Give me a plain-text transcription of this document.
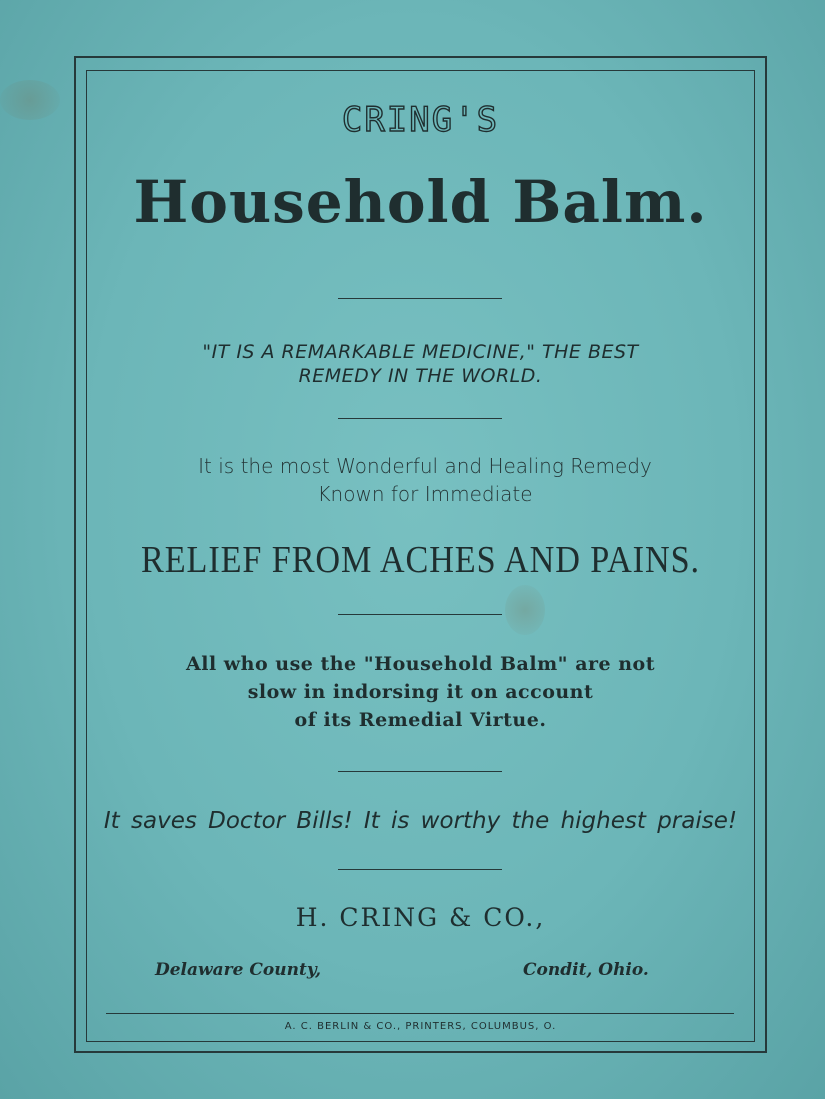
CRING'S
Household Balm.
"IT IS A REMARKABLE MEDICINE," THE BEST
REMEDY IN THE WORLD.
It is the most Wonderful and Healing Remedy
Known for Immediate
RELIEF FROM ACHES AND PAINS.
All who use the "Household Balm" are not
slow in indorsing it on account
of its Remedial Virtue.
It saves Doctor Bills! It is worthy the highest praise!
H. CRING & CO.,
Delaware County,	Condit, Ohio.
A. C. BERLIN & CO., PRINTERS, COLUMBUS, O.
